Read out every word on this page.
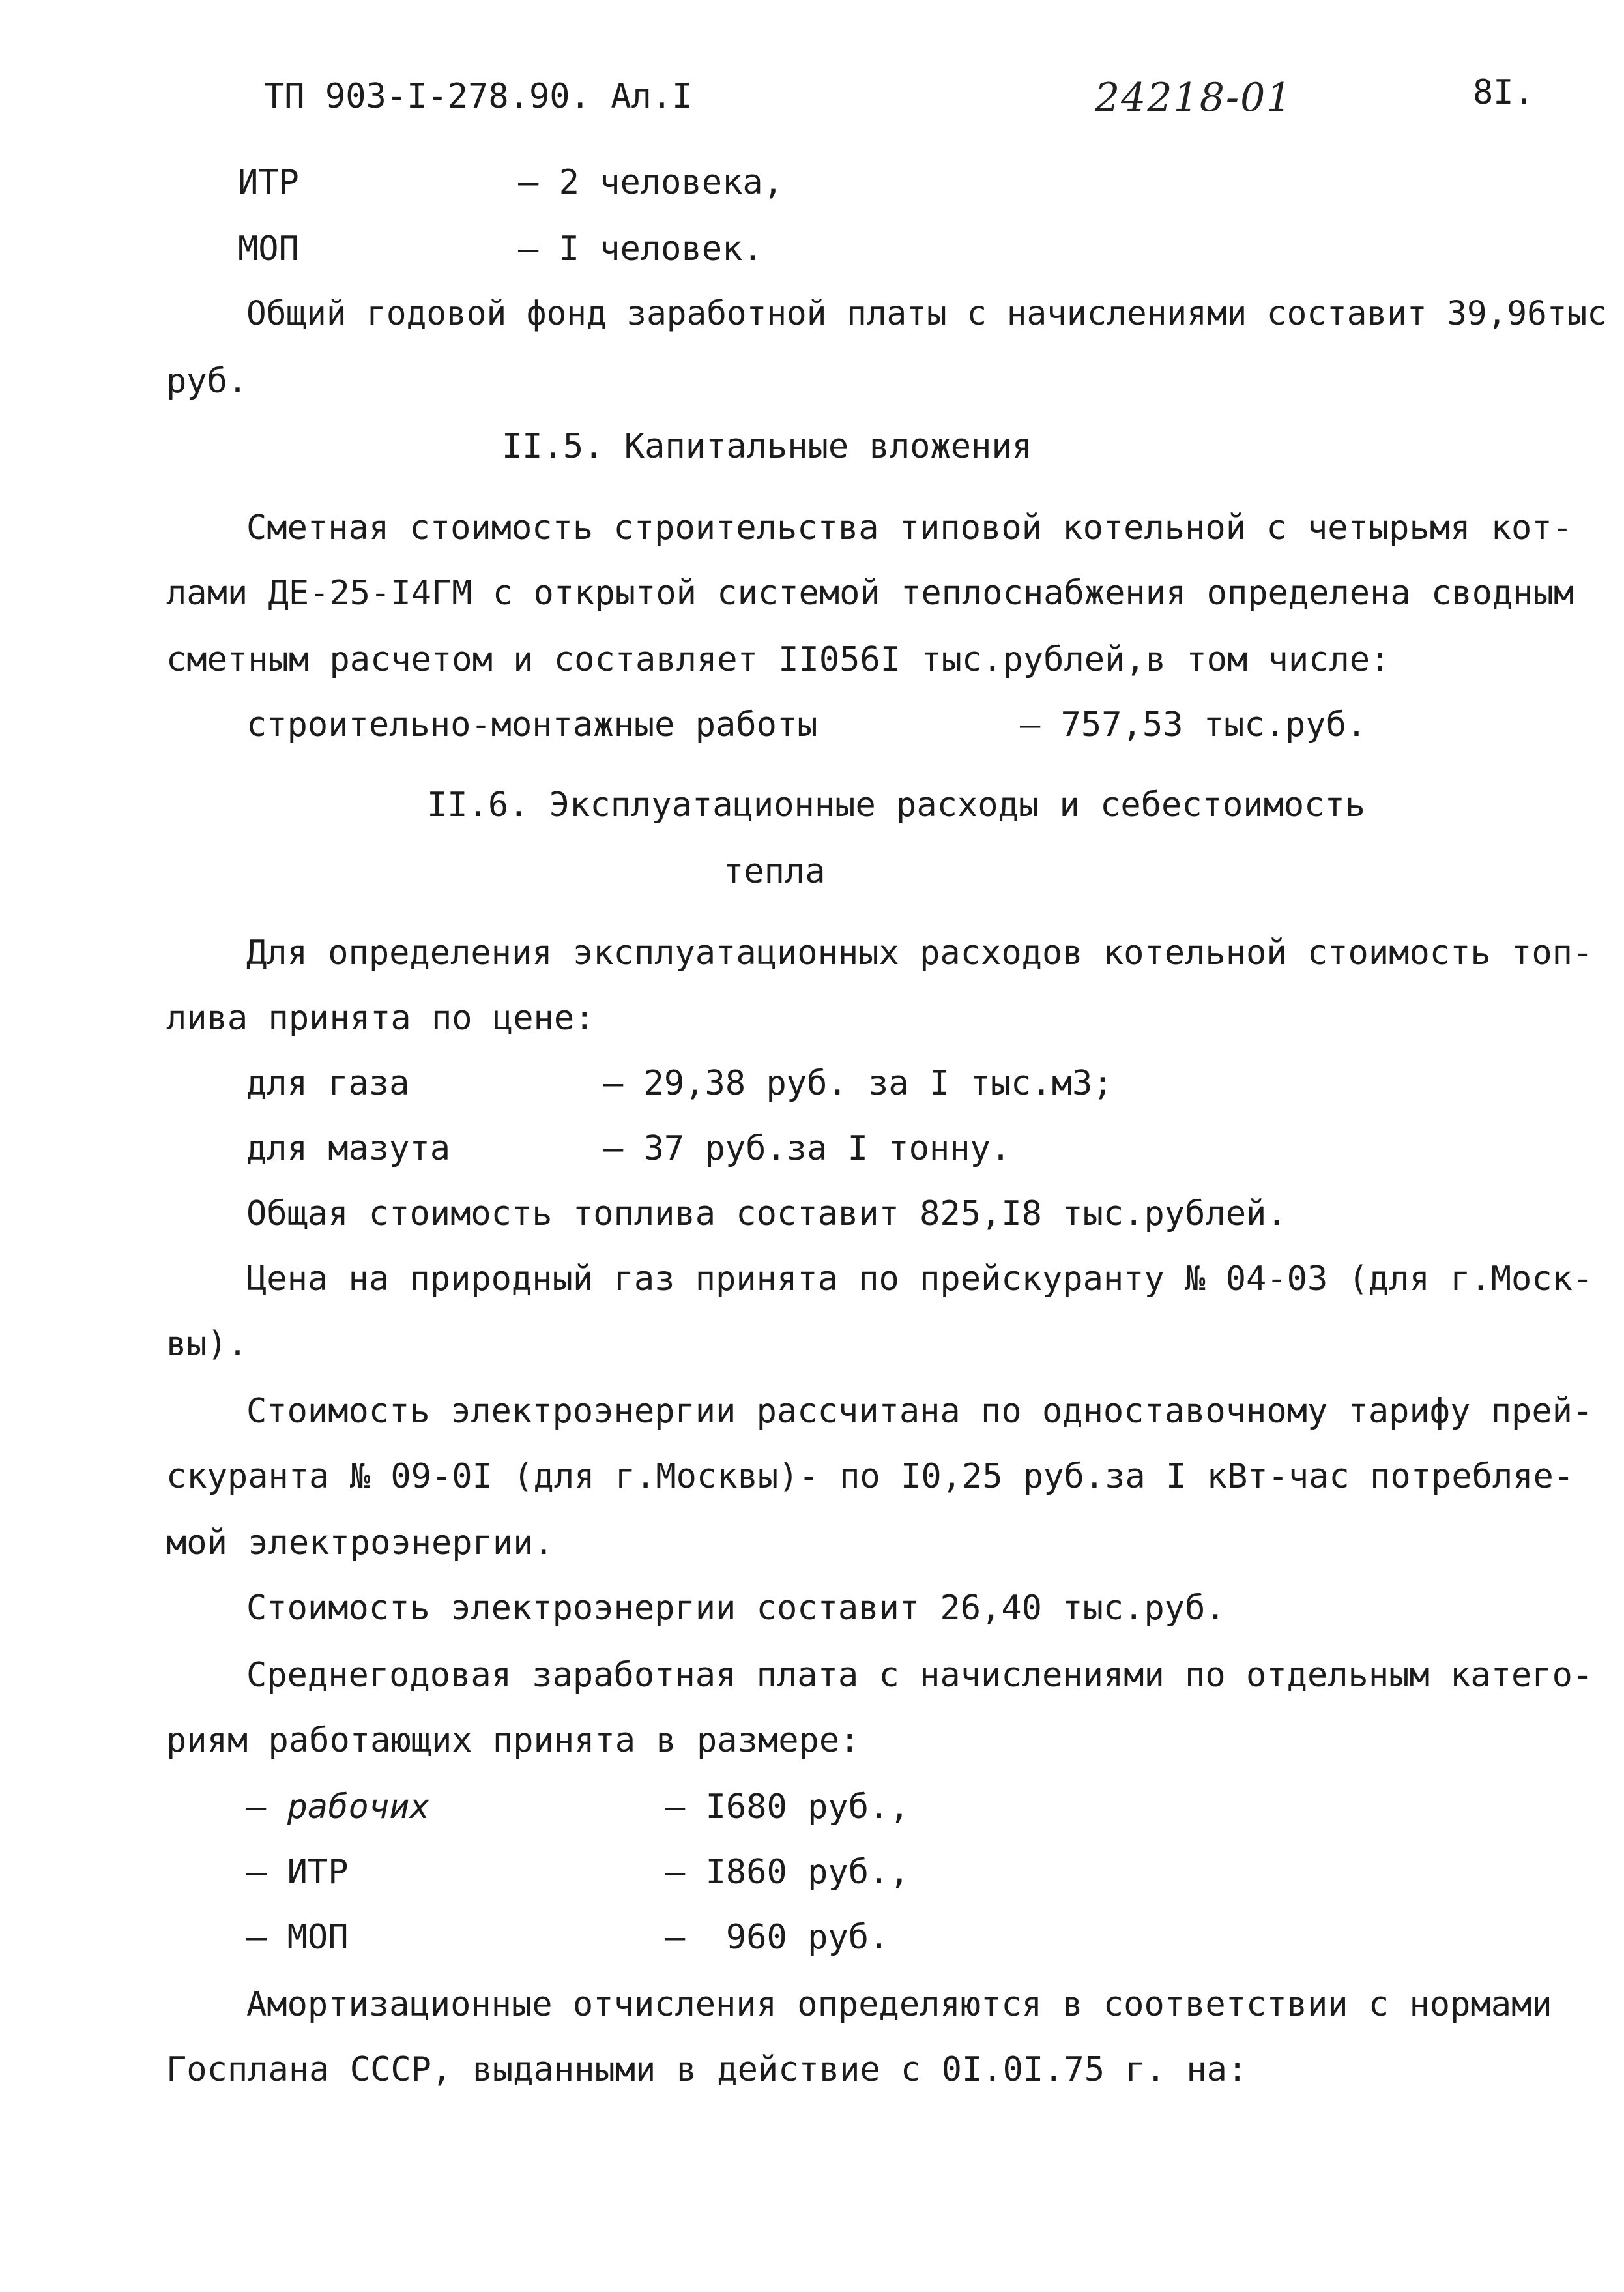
ТП 903-I-278.90. Ал.I	24218-01	8I.
ИТР	– 2 человека,
МОП	– I человек.
Общий годовой фонд заработной платы с начислениями составит 39,96тыс
руб.
II.5. Капитальные вложения
Сметная стоимость строительства типовой котельной с четырьмя кот-
лами ДЕ-25-I4ГМ с открытой системой теплоснабжения определена сводным
сметным расчетом и составляет II056I тыс.рублей,в том числе:
строительно-монтажные работы	– 757,53 тыс.руб.
II.6. Эксплуатационные расходы и себестоимость
тепла
Для определения эксплуатационных расходов котельной стоимость топ-
лива принята по цене:
для газа	– 29,38 руб. за I тыс.м3;
для мазута	– 37 руб.за I тонну.
Общая стоимость топлива составит 825,I8 тыс.рублей.
Цена на природный газ принята по прейскуранту № 04-03 (для г.Моск-
вы).
Стоимость электроэнергии рассчитана по одноставочному тарифу прей-
скуранта № 09-0I (для г.Москвы)- по I0,25 руб.за I кВт-час потребляе-
мой электроэнергии.
Стоимость электроэнергии составит 26,40 тыс.руб.
Среднегодовая заработная плата с начислениями по отдельным катего-
риям работающих принята в размере:
– рабочих	– I680 руб.,
– ИТР	– I860 руб.,
– МОП	–  960 руб.
Амортизационные отчисления определяются в соответствии с нормами
Госплана СССР, выданными в действие с 0I.0I.75 г. на:
